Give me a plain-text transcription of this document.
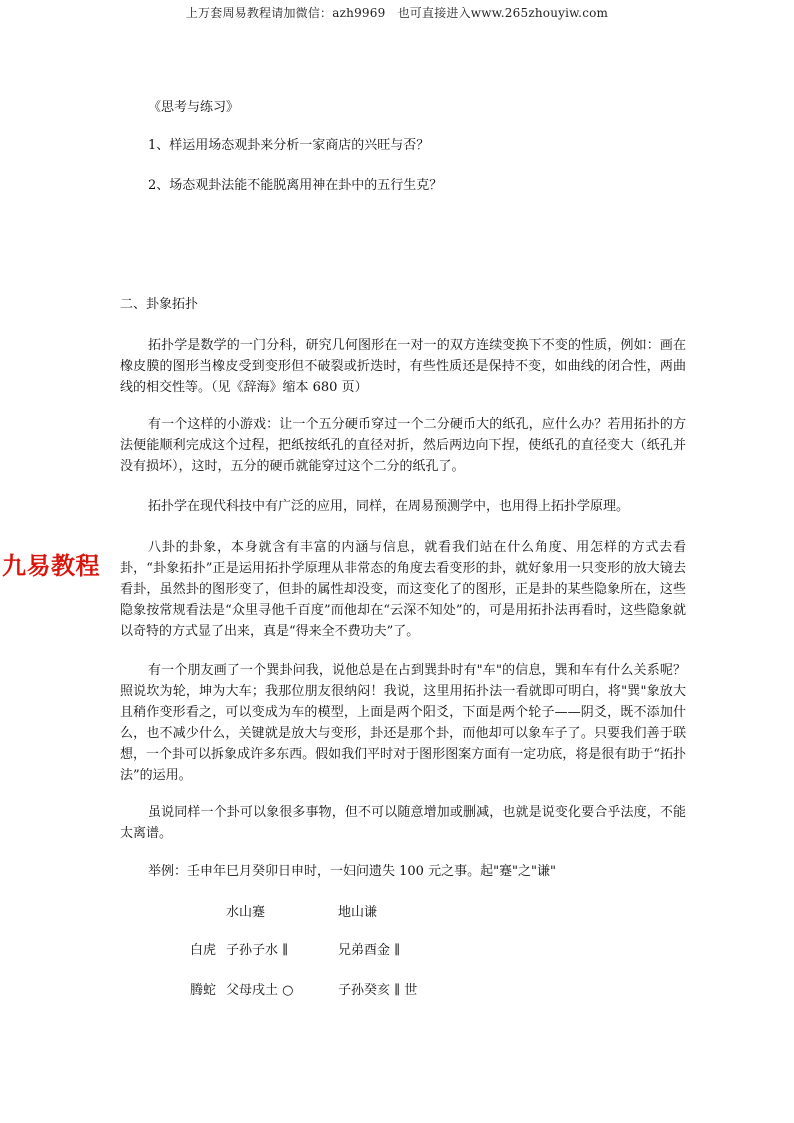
上万套周易教程请加微信：azh9969　也可直接进入www.265zhouyiw.com
《思考与练习》
1、样运用场态观卦来分析一家商店的兴旺与否？
2、场态观卦法能不能脱离用神在卦中的五行生克？
二、卦象拓扑
拓扑学是数学的一门分科，研究几何图形在一对一的双方连续变换下不变的性质，例如：画在橡皮膜的图形当橡皮受到变形但不破裂或折迭时，有些性质还是保持不变，如曲线的闭合性，两曲线的相交性等。（见《辞海》缩本 680 页）
有一个这样的小游戏：让一个五分硬币穿过一个二分硬币大的纸孔，应什么办？若用拓扑的方法便能顺利完成这个过程，把纸按纸孔的直径对折，然后两边向下捏，使纸孔的直径变大（纸孔并没有损坏），这时，五分的硬币就能穿过这个二分的纸孔了。
拓扑学在现代科技中有广泛的应用，同样，在周易预测学中，也用得上拓扑学原理。
八卦的卦象，本身就含有丰富的内涵与信息，就看我们站在什么角度、用怎样的方式去看卦，“卦象拓扑”正是运用拓扑学原理从非常态的角度去看变形的卦，就好象用一只变形的放大镜去看卦，虽然卦的图形变了，但卦的属性却没变，而这变化了的图形，正是卦的某些隐象所在，这些隐象按常规看法是“众里寻他千百度”而他却在“云深不知处”的，可是用拓扑法再看时，这些隐象就以奇特的方式显了出来，真是“得来全不费功夫”了。
有一个朋友画了一个巽卦问我，说他总是在占到巽卦时有"车"的信息，巽和车有什么关系呢？照说坎为轮，坤为大车；我那位朋友很纳闷！我说，这里用拓扑法一看就即可明白，将"巽"象放大且稍作变形看之，可以变成为车的模型，上面是两个阳爻，下面是两个轮子——阴爻，既不添加什么，也不减少什么，关键就是放大与变形，卦还是那个卦，而他却可以象车子了。只要我们善于联想，一个卦可以拆象成许多东西。假如我们平时对于图形图案方面有一定功底，将是很有助于“拓扑法”的运用。
虽说同样一个卦可以象很多事物，但不可以随意增加或删减，也就是说变化要合乎法度，不能太离谱。
举例：壬申年巳月癸卯日申时，一妇问遗失 100 元之事。起"蹇"之"谦"
水山蹇	地山谦
白虎 子孙子水 ∥	兄弟酉金 ∥
腾蛇 父母戌土 ○	子孙癸亥 ∥ 世
九易教程
